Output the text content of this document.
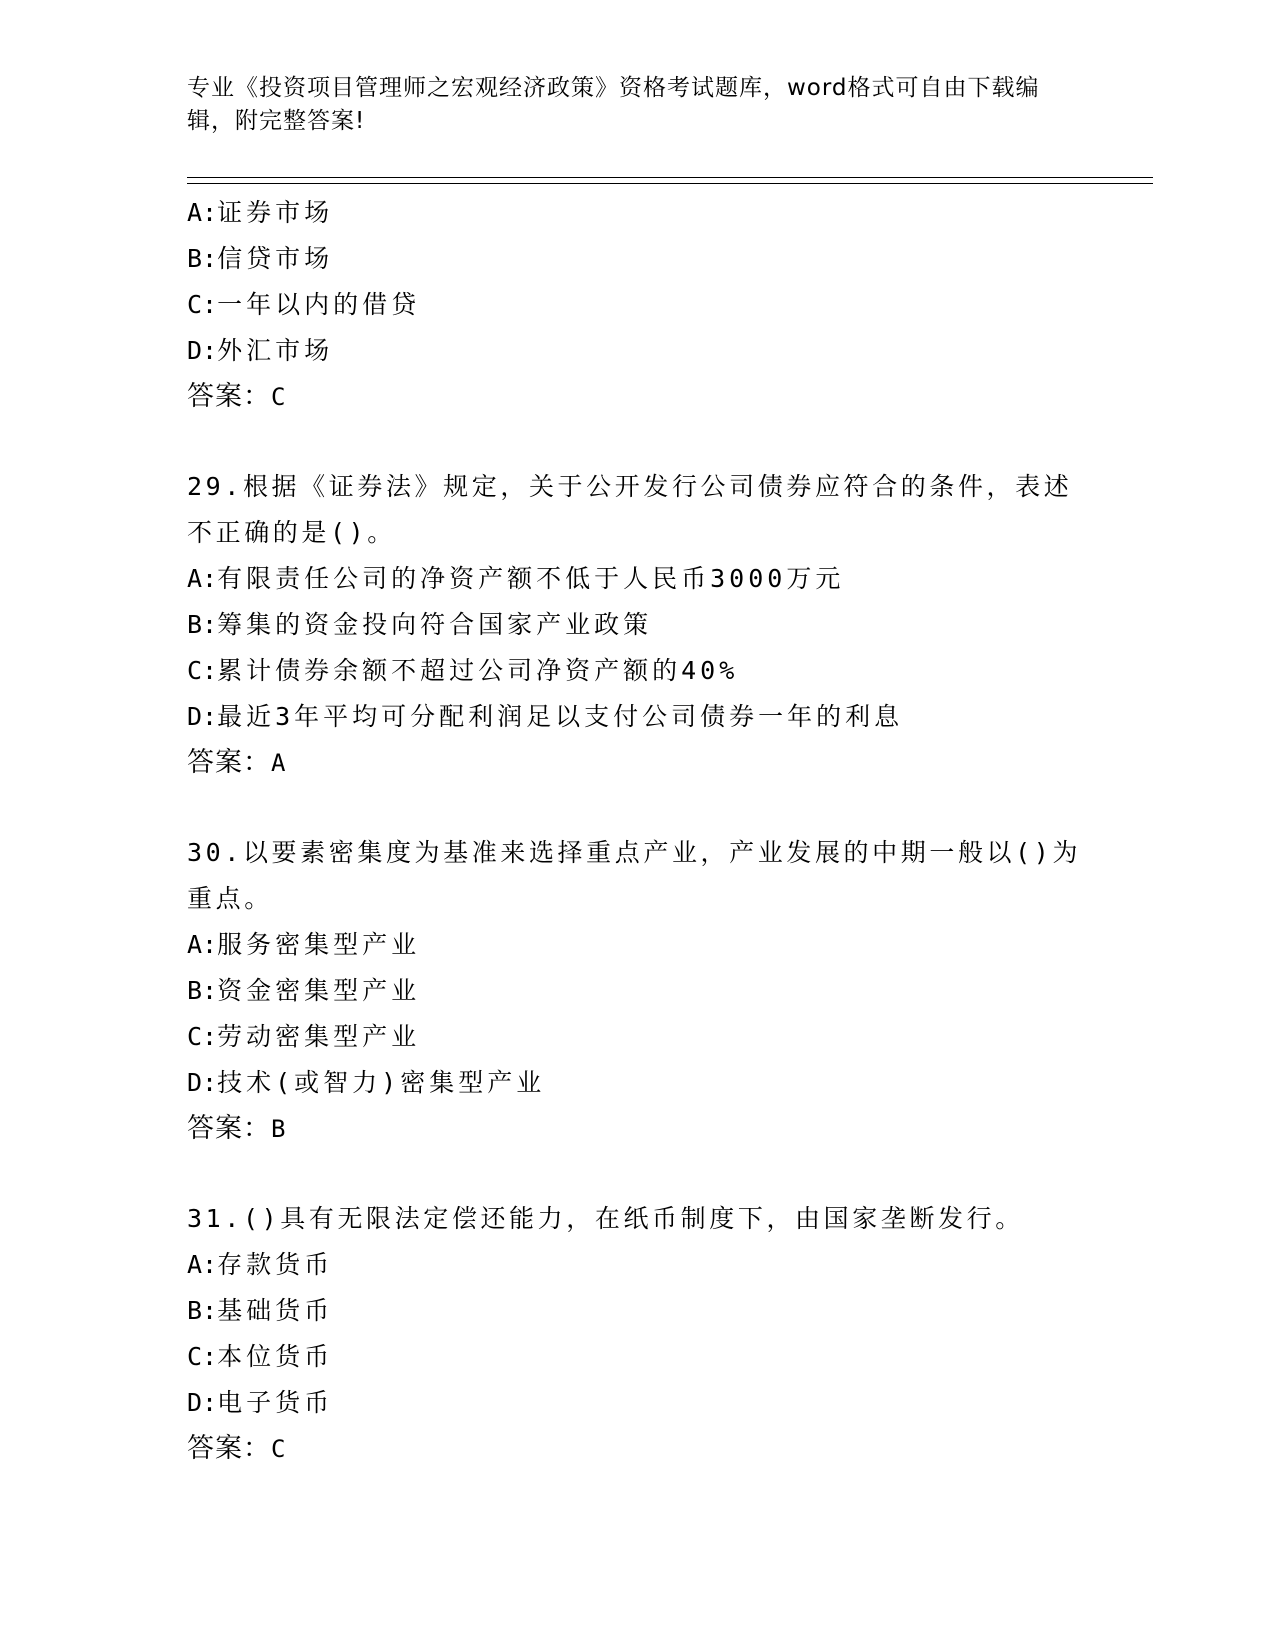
专业《投资项目管理师之宏观经济政策》资格考试题库，word格式可自由下载编
辑，附完整答案!
A:证券市场
B:信贷市场
C:一年以内的借贷
D:外汇市场
答案：C
29.根据《证券法》规定，关于公开发行公司债券应符合的条件，表述
不正确的是()。
A:有限责任公司的净资产额不低于人民币3000万元
B:筹集的资金投向符合国家产业政策
C:累计债券余额不超过公司净资产额的40%
D:最近3年平均可分配利润足以支付公司债券一年的利息
答案：A
30.以要素密集度为基准来选择重点产业，产业发展的中期一般以()为
重点。
A:服务密集型产业
B:资金密集型产业
C:劳动密集型产业
D:技术(或智力)密集型产业
答案：B
31.()具有无限法定偿还能力，在纸币制度下，由国家垄断发行。
A:存款货币
B:基础货币
C:本位货币
D:电子货币
答案：C
